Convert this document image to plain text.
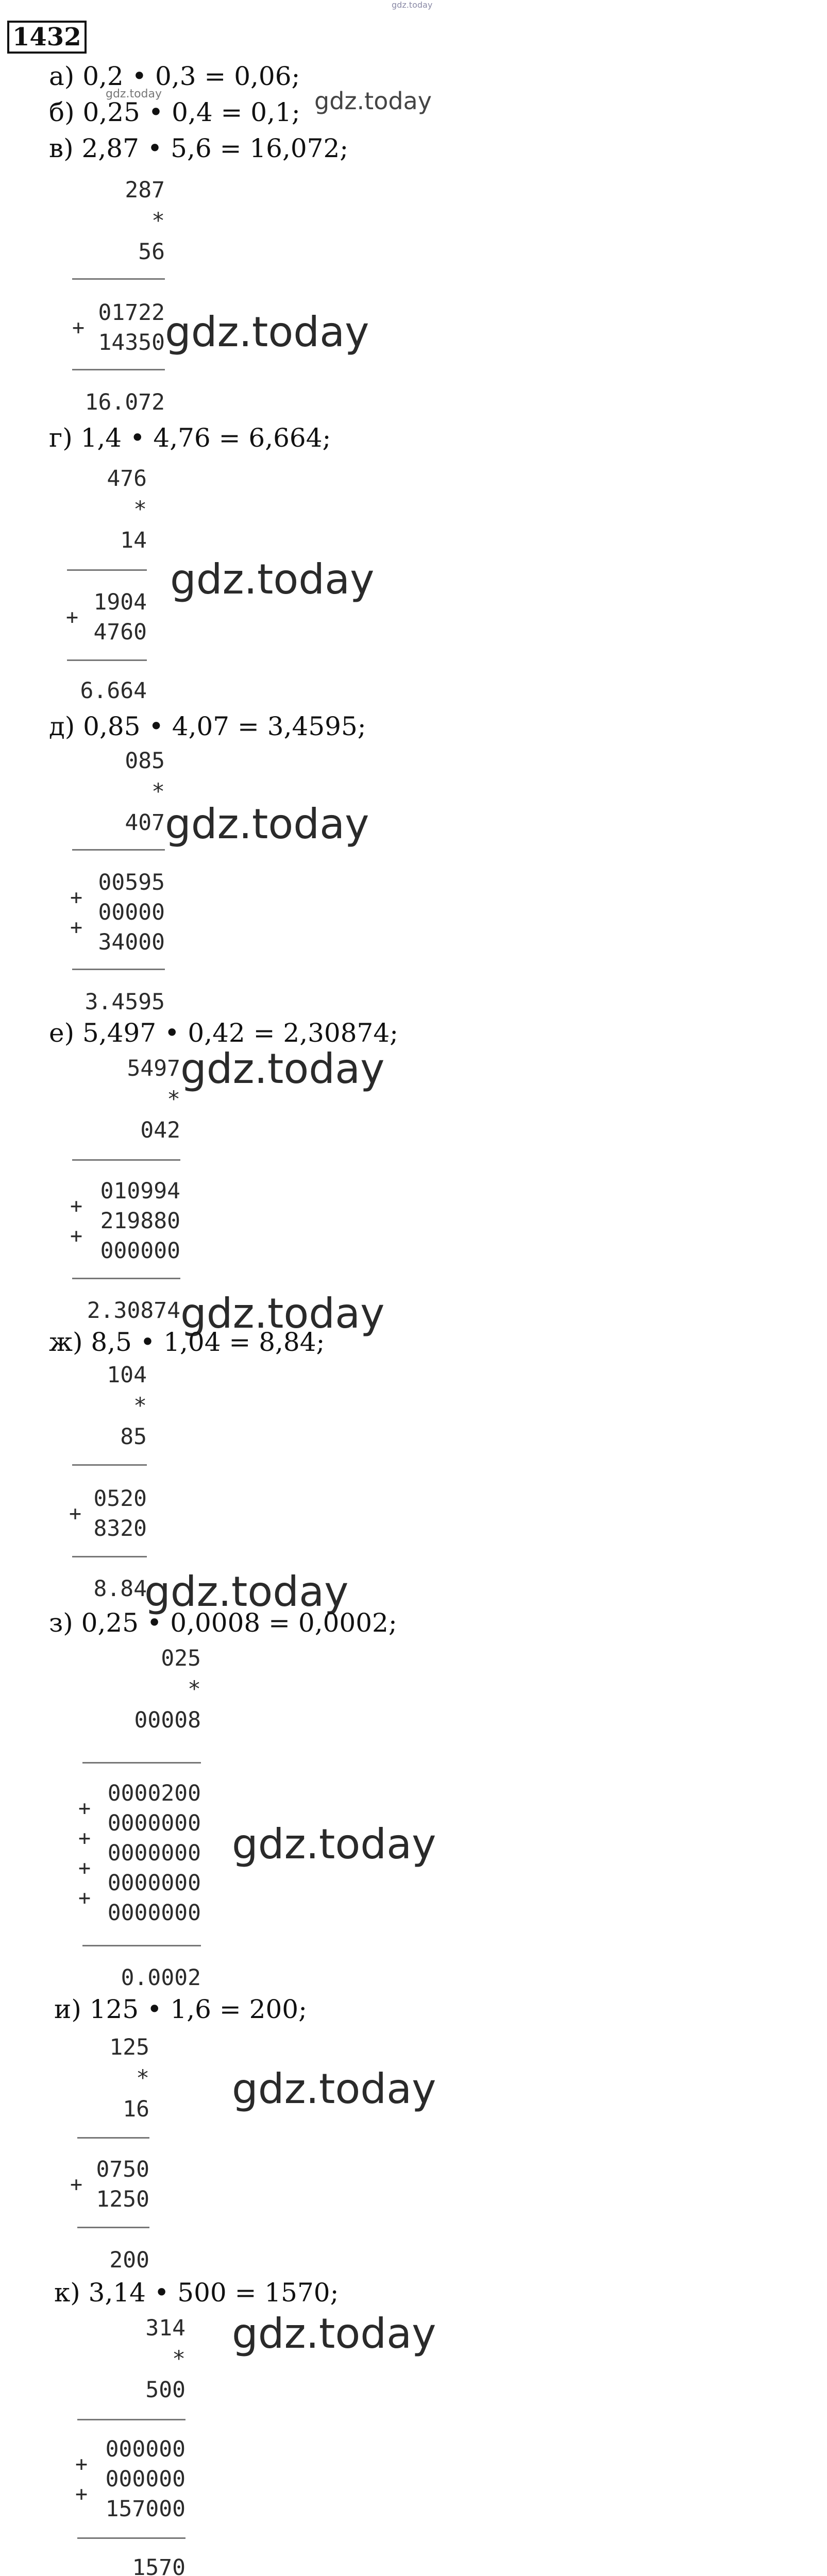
gdz.today
1432
а) 0,2 • 0,3 = 0,06;
gdz.today
б) 0,25 • 0,4 = 0,1; gdz.today
в) 2,87 • 5,6 = 16,072;
287
*
56
01722
+
14350 gdz.today
16.072
г) 1,4 • 4,76 = 6,664;
476
*
14
gdz.today
1904
+
4760
6.664
д) 0,85 • 4,07 = 3,4595;
085
*
407 gdz.today
00595
+
00000
+
34000
3.4595
е) 5,497 • 0,42 = 2,30874;
5497 gdz.today
*
042
010994
+
219880
+
000000
2.30874 gdz.today
ж) 8,5 • 1,04 = 8,84;
104
*
85
0520
+
8320
8.84
gdz.today
з) 0,25 • 0,0008 = 0,0002;
025
*
00008
0000200
+
0000000
+
0000000
+
0000000
+
0000000
gdz.today
0.0002
и) 125 • 1,6 = 200;
125
*
16 gdz.today
0750
+
1250
200
к) 3,14 • 500 = 1570;
314 gdz.today
*
500
000000
+
000000
+
157000
1570
